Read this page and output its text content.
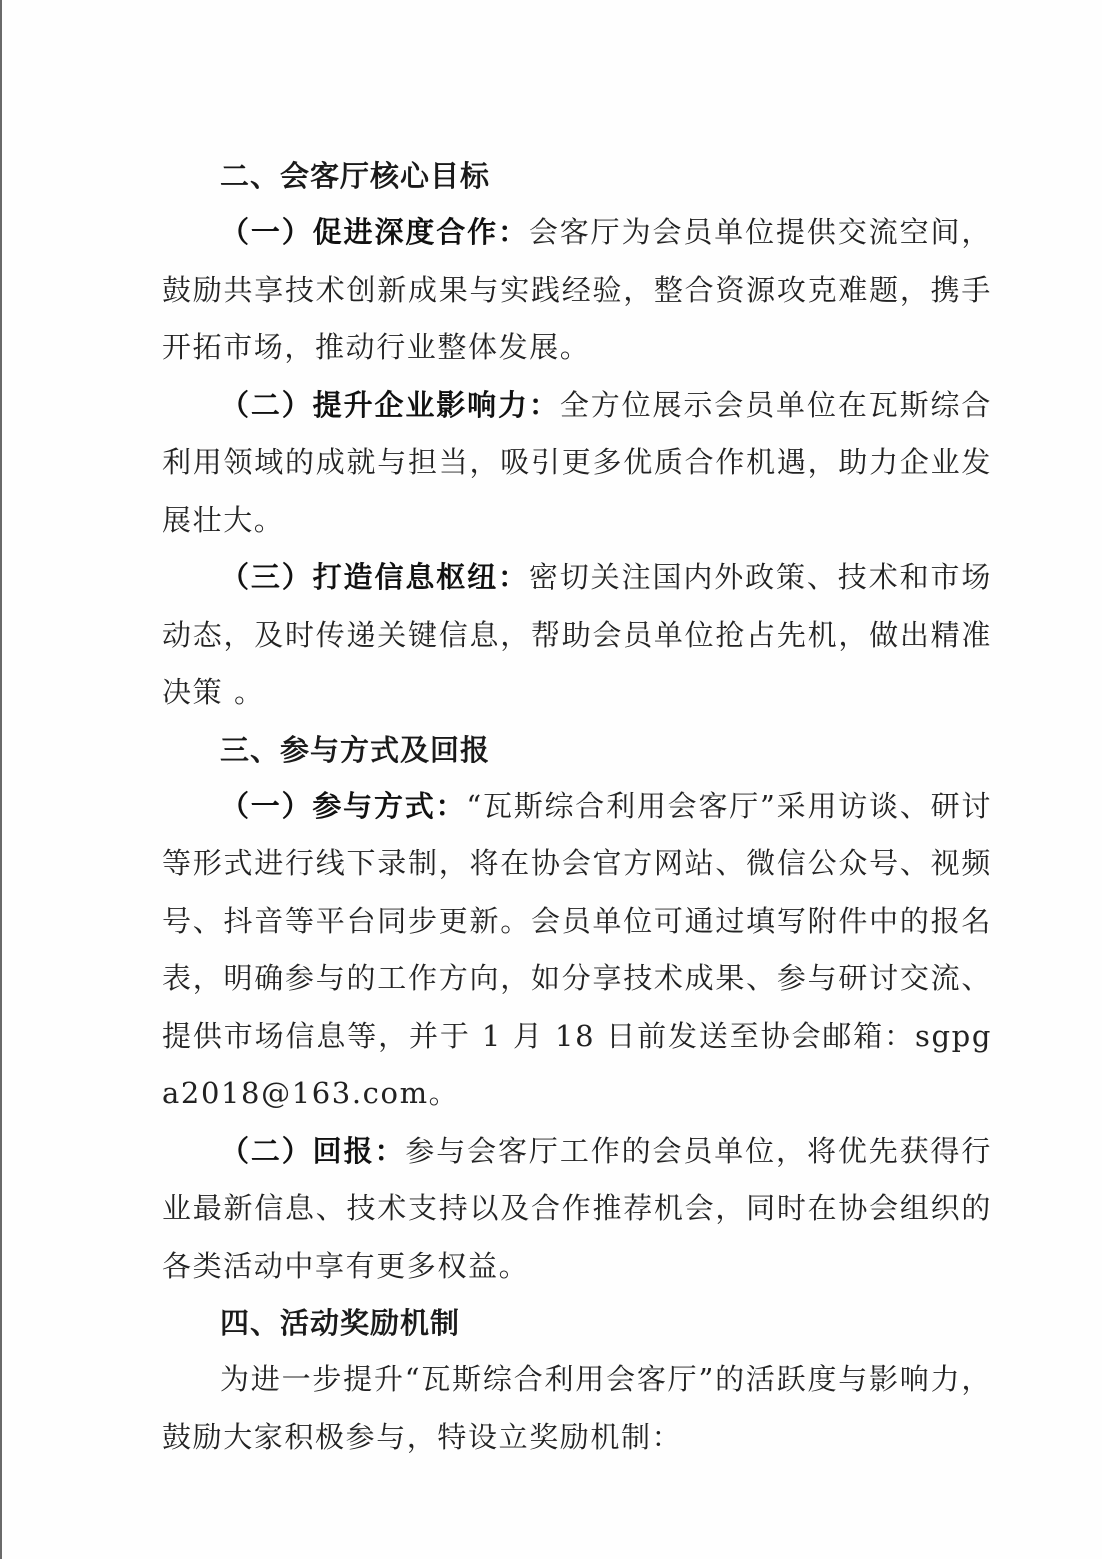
二、会客厅核心目标

（一）促进深度合作：会客厅为会员单位提供交流空间，鼓励共享技术创新成果与实践经验，整合资源攻克难题，携手开拓市场，推动行业整体发展。

（二）提升企业影响力：全方位展示会员单位在瓦斯综合利用领域的成就与担当，吸引更多优质合作机遇，助力企业发展壮大。

（三）打造信息枢纽：密切关注国内外政策、技术和市场动态，及时传递关键信息，帮助会员单位抢占先机，做出精准决策 。

三、参与方式及回报

（一）参与方式：“瓦斯综合利用会客厅”采用访谈、研讨等形式进行线下录制，将在协会官方网站、微信公众号、视频号、抖音等平台同步更新。会员单位可通过填写附件中的报名表，明确参与的工作方向，如分享技术成果、参与研讨交流、提供市场信息等，并于 1 月 18 日前发送至协会邮箱：sgpga2018@163.com。

（二）回报：参与会客厅工作的会员单位，将优先获得行业最新信息、技术支持以及合作推荐机会，同时在协会组织的各类活动中享有更多权益。

四、活动奖励机制

为进一步提升“瓦斯综合利用会客厅”的活跃度与影响力，鼓励大家积极参与，特设立奖励机制：
